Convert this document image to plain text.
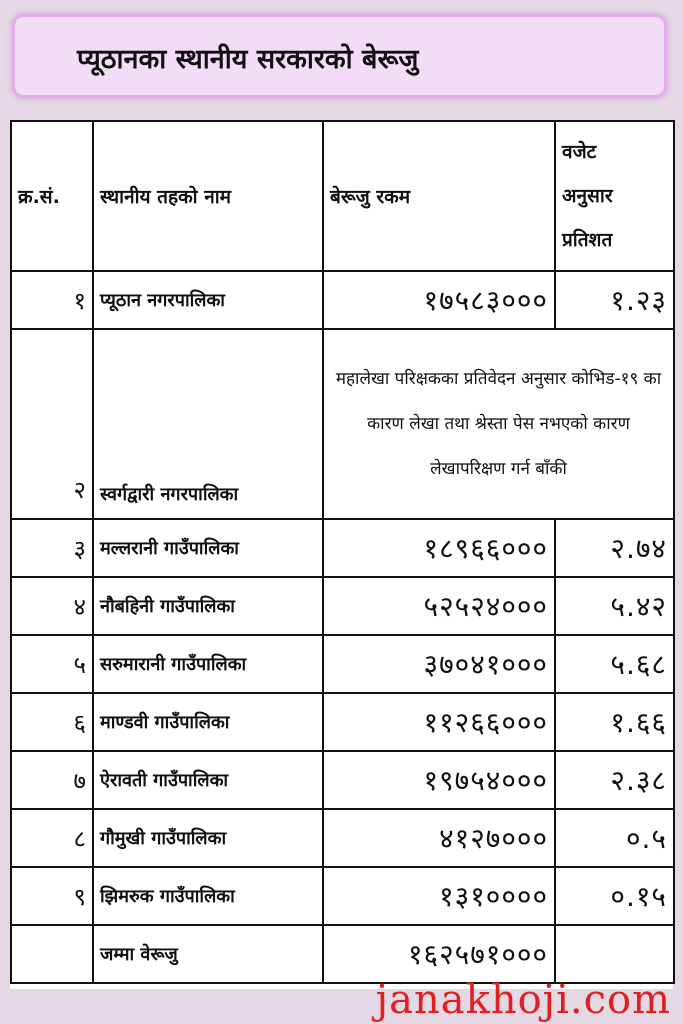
प्यूठानका स्थानीय सरकारको बेरूजु
क्र.सं.	स्थानीय तहको नाम	बेरूजु रकम	वजेट
अनुसार
प्रतिशत

१	प्यूठान नगरपालिका	१७५८३०००	१.२३
२	स्वर्गद्वारी नगरपालिका	महालेखा परिक्षकका प्रतिवेदन अनुसार कोभिड-१९ का कारण लेखा तथा श्रेस्ता पेस नभएको कारण लेखापरिक्षण गर्न बाँकी	
३	मल्लरानी गाउँपालिका	१८९६६०००	२.७४
४	नौबहिनी गाउँपालिका	५२५२४०००	५.४२
५	सरुमारानी गाउँपालिका	३७०४१०००	५.६८
६	माण्डवी गाउँपालिका	११२६६०००	१.६६
७	ऐरावती गाउँपालिका	१९७५४०००	२.३८
८	गौमुखी गाउँपालिका	४१२७०००	०.५
९	झिमरुक गाउँपालिका	१३१००००	०.१५
	जम्मा वेरूजु	१६२५७१०००	
janakhoji.com
